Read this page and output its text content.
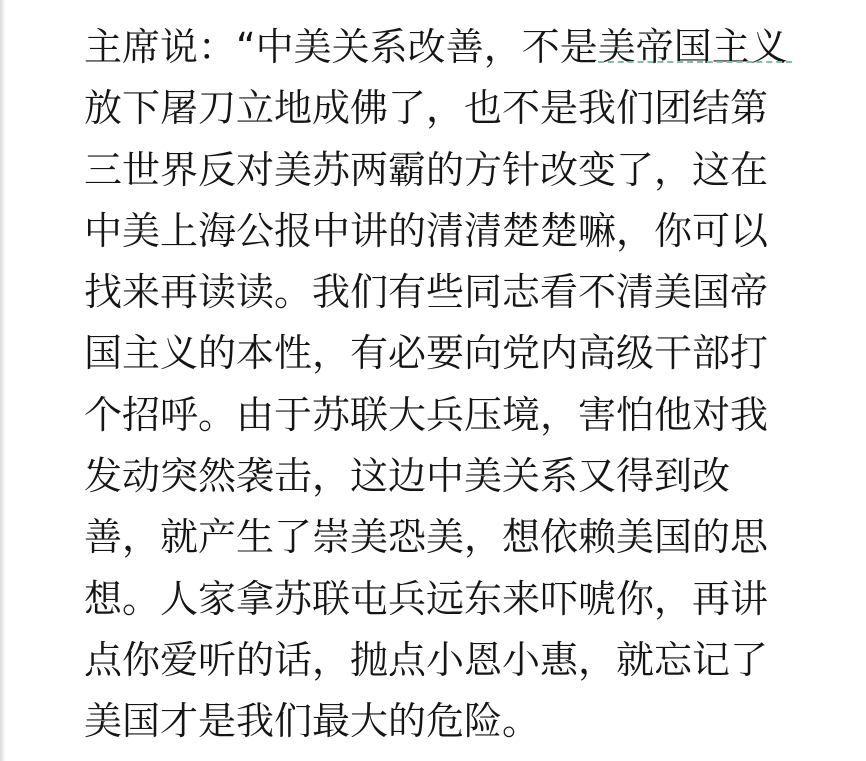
主席说：“中美关系改善，不是美帝国主义
放下屠刀立地成佛了，也不是我们团结第
三世界反对美苏两霸的方针改变了，这在
中美上海公报中讲的清清楚楚嘛，你可以
找来再读读。我们有些同志看不清美国帝
国主义的本性，有必要向党内高级干部打
个招呼。由于苏联大兵压境，害怕他对我
发动突然袭击，这边中美关系又得到改
善，就产生了崇美恐美，想依赖美国的思
想。人家拿苏联屯兵远东来吓唬你，再讲
点你爱听的话，抛点小恩小惠，就忘记了
美国才是我们最大的危险。
